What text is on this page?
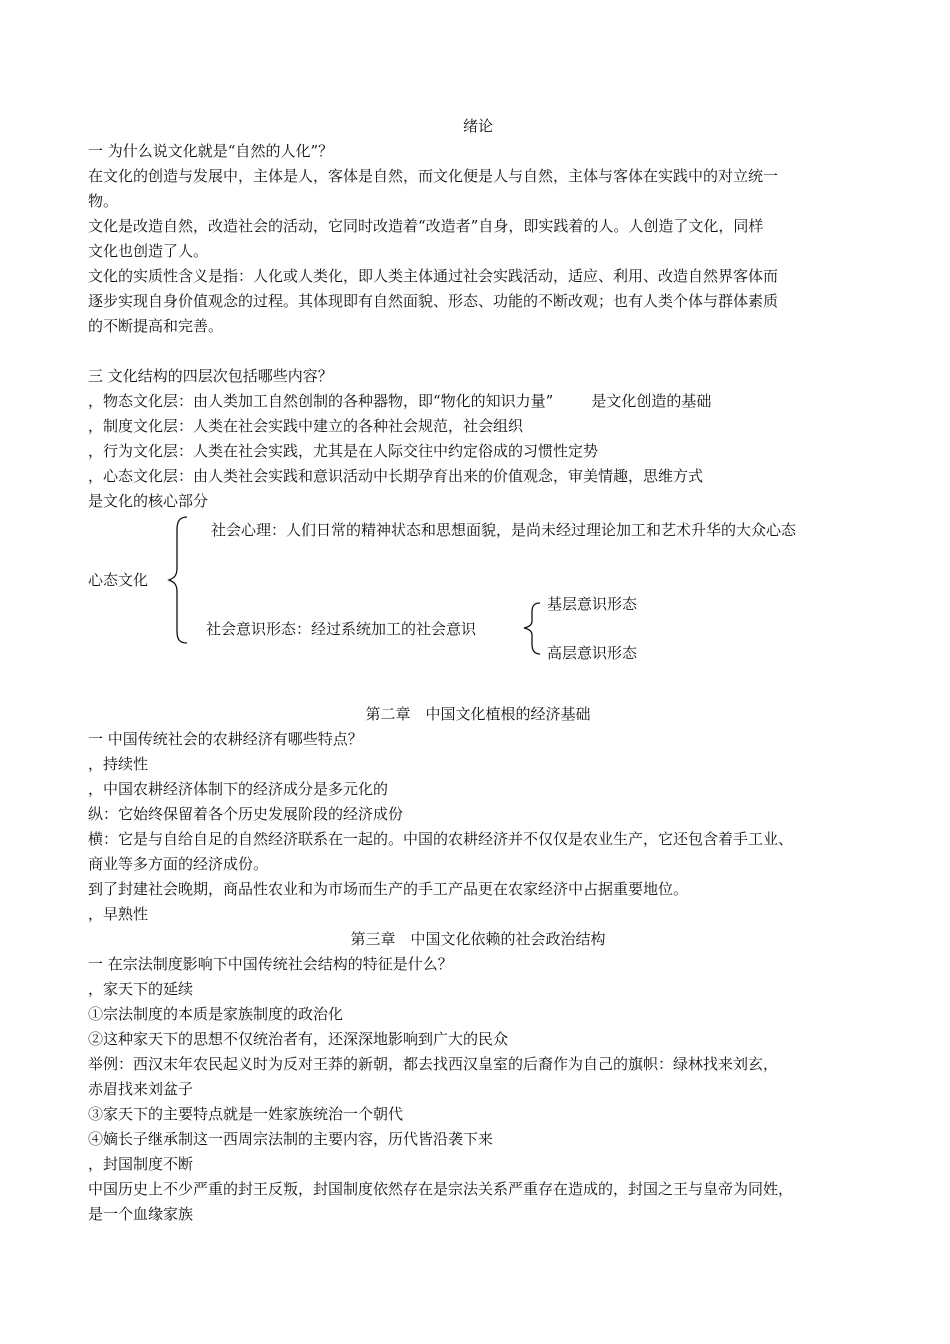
绪论
一 为什么说文化就是“自然的人化”？
在文化的创造与发展中，主体是人，客体是自然，而文化便是人与自然，主体与客体在实践中的对立统一
物。
文化是改造自然，改造社会的活动，它同时改造着“改造者”自身，即实践着的人。人创造了文化，同样
文化也创造了人。
文化的实质性含义是指：人化或人类化，即人类主体通过社会实践活动，适应、利用、改造自然界客体而
逐步实现自身价值观念的过程。其体现即有自然面貌、形态、功能的不断改观；也有人类个体与群体素质
的不断提高和完善。
三 文化结构的四层次包括哪些内容？
，物态文化层：由人类加工自然创制的各种器物，即“物化的知识力量”	是文化创造的基础
，制度文化层：人类在社会实践中建立的各种社会规范，社会组织
，行为文化层：人类在社会实践，尤其是在人际交往中约定俗成的习惯性定势
，心态文化层：由人类社会实践和意识活动中长期孕育出来的价值观念，审美情趣，思维方式
是文化的核心部分
心态文化
社会心理：人们日常的精神状态和思想面貌，是尚未经过理论加工和艺术升华的大众心态
社会意识形态：经过系统加工的社会意识
基层意识形态
高层意识形态
第二章　中国文化植根的经济基础
一 中国传统社会的农耕经济有哪些特点？
，持续性
，中国农耕经济体制下的经济成分是多元化的
纵：它始终保留着各个历史发展阶段的经济成份
横：它是与自给自足的自然经济联系在一起的。中国的农耕经济并不仅仅是农业生产，它还包含着手工业、
商业等多方面的经济成份。
到了封建社会晚期，商品性农业和为市场而生产的手工产品更在农家经济中占据重要地位。
，早熟性
第三章　中国文化依赖的社会政治结构
一 在宗法制度影响下中国传统社会结构的特征是什么？
，家天下的延续
①宗法制度的本质是家族制度的政治化
②这种家天下的思想不仅统治者有，还深深地影响到广大的民众
举例：西汉末年农民起义时为反对王莽的新朝，都去找西汉皇室的后裔作为自己的旗帜：绿林找来刘玄，
赤眉找来刘盆子
③家天下的主要特点就是一姓家族统治一个朝代
④嫡长子继承制这一西周宗法制的主要内容，历代皆沿袭下来
，封国制度不断
中国历史上不少严重的封王反叛，封国制度依然存在是宗法关系严重存在造成的，封国之王与皇帝为同姓，
是一个血缘家族
